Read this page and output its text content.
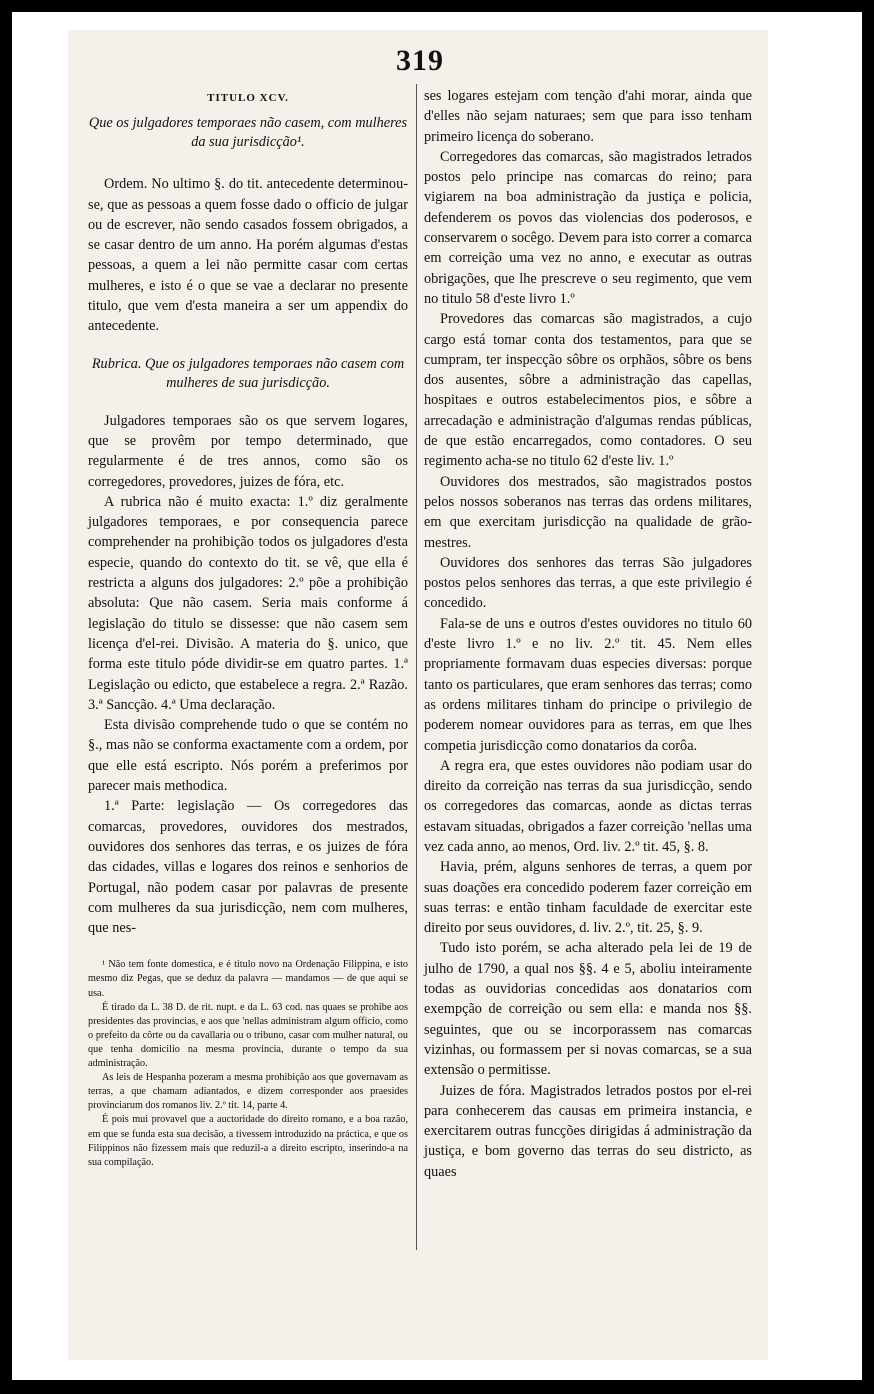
319
TITULO XCV.
Que os julgadores temporaes não casem, com mulheres da sua jurisdicção¹.

Ordem. No ultimo §. do tit. antecedente determinou-se, que as pessoas a quem fosse dado o officio de julgar ou de escrever, não sendo casados fossem obrigados, a se casar dentro de um anno. Ha porém algumas d'estas pessoas, a quem a lei não permitte casar com certas mulheres, e isto é o que se vae a declarar no presente titulo, que vem d'esta maneira a ser um appendix do antecedente.

Rubrica. Que os julgadores temporaes não casem com mulheres de sua jurisdicção.

Julgadores temporaes são os que servem logares, que se provêm por tempo determinado, que regularmente é de tres annos, como são os corregedores, provedores, juizes de fóra, etc.

A rubrica não é muito exacta: 1.º diz geralmente julgadores temporaes, e por consequencia parece comprehender na prohibição todos os julgadores d'esta especie, quando do contexto do tit. se vê, que ella é restricta a alguns dos julgadores: 2.º põe a prohibição absoluta: Que não casem. Seria mais conforme á legislação do titulo se dissesse: que não casem sem licença d'el-rei. Divisão. A materia do §. unico, que forma este titulo póde dividir-se em quatro partes. 1.ª Legislação ou edicto, que estabelece a regra. 2.ª Razão. 3.ª Sancção. 4.ª Uma declaração.

Esta divisão comprehende tudo o que se contém no §., mas não se conforma exactamente com a ordem, por que elle está escripto. Nós porém a preferimos por parecer mais methodica.

1.ª Parte: legislação — Os corregedores das comarcas, provedores, ouvidores dos mestrados, ouvidores dos senhores das terras, e os juizes de fóra das cidades, villas e logares dos reinos e senhorios de Portugal, não podem casar por palavras de presente com mulheres da sua jurisdicção, nem com mulheres, que nes-

¹ Não tem fonte domestica, e é titulo novo na Ordenação Filippina, e isto mesmo diz Pegas, que se deduz da palavra — mandamos — de que aqui se usa.

É tirado da L. 38 D. de rit. nupt. e da L. 63 cod. nas quaes se prohibe aos presidentes das provincias, e aos que 'nellas administram algum officio, como o prefeito da côrte ou da cavallaria ou o tribuno, casar com mulher natural, ou que tenha domicilio na mesma provincia, durante o tempo da sua administração.

As leis de Hespanha pozeram a mesma prohibição aos que governavam as terras, a que chamam adiantados, e dizem corresponder aos praesides provinciarum dos romanos liv. 2.º tit. 14, parte 4.

É pois mui provavel que a auctoridade do direito romano, e a boa razão, em que se funda esta sua decisão, a tivessem introduzido na práctica, e que os Filippinos não fizessem mais que reduzil-a a direito escripto, inserindo-a na sua compilação.

ses logares estejam com tenção d'ahi morar, ainda que d'elles não sejam naturaes; sem que para isso tenham primeiro licença do soberano.

Corregedores das comarcas, são magistrados letrados postos pelo principe nas comarcas do reino; para vigiarem na boa administração da justiça e policia, defenderem os povos das violencias dos poderosos, e conservarem o socêgo. Devem para isto correr a comarca em correição uma vez no anno, e executar as outras obrigações, que lhe prescreve o seu regimento, que vem no titulo 58 d'este livro 1.º

Provedores das comarcas são magistrados, a cujo cargo está tomar conta dos testamentos, para que se cumpram, ter inspecção sôbre os orphãos, sôbre os bens dos ausentes, sôbre a administração das capellas, hospitaes e outros estabelecimentos pios, e sôbre a arrecadação e administração d'algumas rendas públicas, de que estão encarregados, como contadores. O seu regimento acha-se no titulo 62 d'este liv. 1.º

Ouvidores dos mestrados, são magistrados postos pelos nossos soberanos nas terras das ordens militares, em que exercitam jurisdicção na qualidade de grão-mestres.

Ouvidores dos senhores das terras São julgadores postos pelos senhores das terras, a que este privilegio é concedido.

Fala-se de uns e outros d'estes ouvidores no titulo 60 d'este livro 1.º e no liv. 2.º tit. 45. Nem elles propriamente formavam duas especies diversas: porque tanto os particulares, que eram senhores das terras; como as ordens militares tinham do principe o privilegio de poderem nomear ouvidores para as terras, em que lhes competia jurisdicção como donatarios da corôa.

A regra era, que estes ouvidores não podiam usar do direito da correição nas terras da sua jurisdicção, sendo os corregedores das comarcas, aonde as dictas terras estavam situadas, obrigados a fazer correição 'nellas uma vez cada anno, ao menos, Ord. liv. 2.º tit. 45, §. 8.

Havia, prém, alguns senhores de terras, a quem por suas doações era concedido poderem fazer correição em suas terras: e então tinham faculdade de exercitar este direito por seus ouvidores, d. liv. 2.º, tit. 25, §. 9.

Tudo isto porém, se acha alterado pela lei de 19 de julho de 1790, a qual nos §§. 4 e 5, aboliu inteiramente todas as ouvidorias concedidas aos donatarios com exempção de correição ou sem ella: e manda nos §§. seguintes, que ou se incorporassem nas comarcas vizinhas, ou formassem per si novas comarcas, se a sua extensão o permitisse.

Juizes de fóra. Magistrados letrados postos por el-rei para conhecerem das causas em primeira instancia, e exercitarem outras funcções dirigidas á administração da justiça, e bom governo das terras do seu districto, as quaes
